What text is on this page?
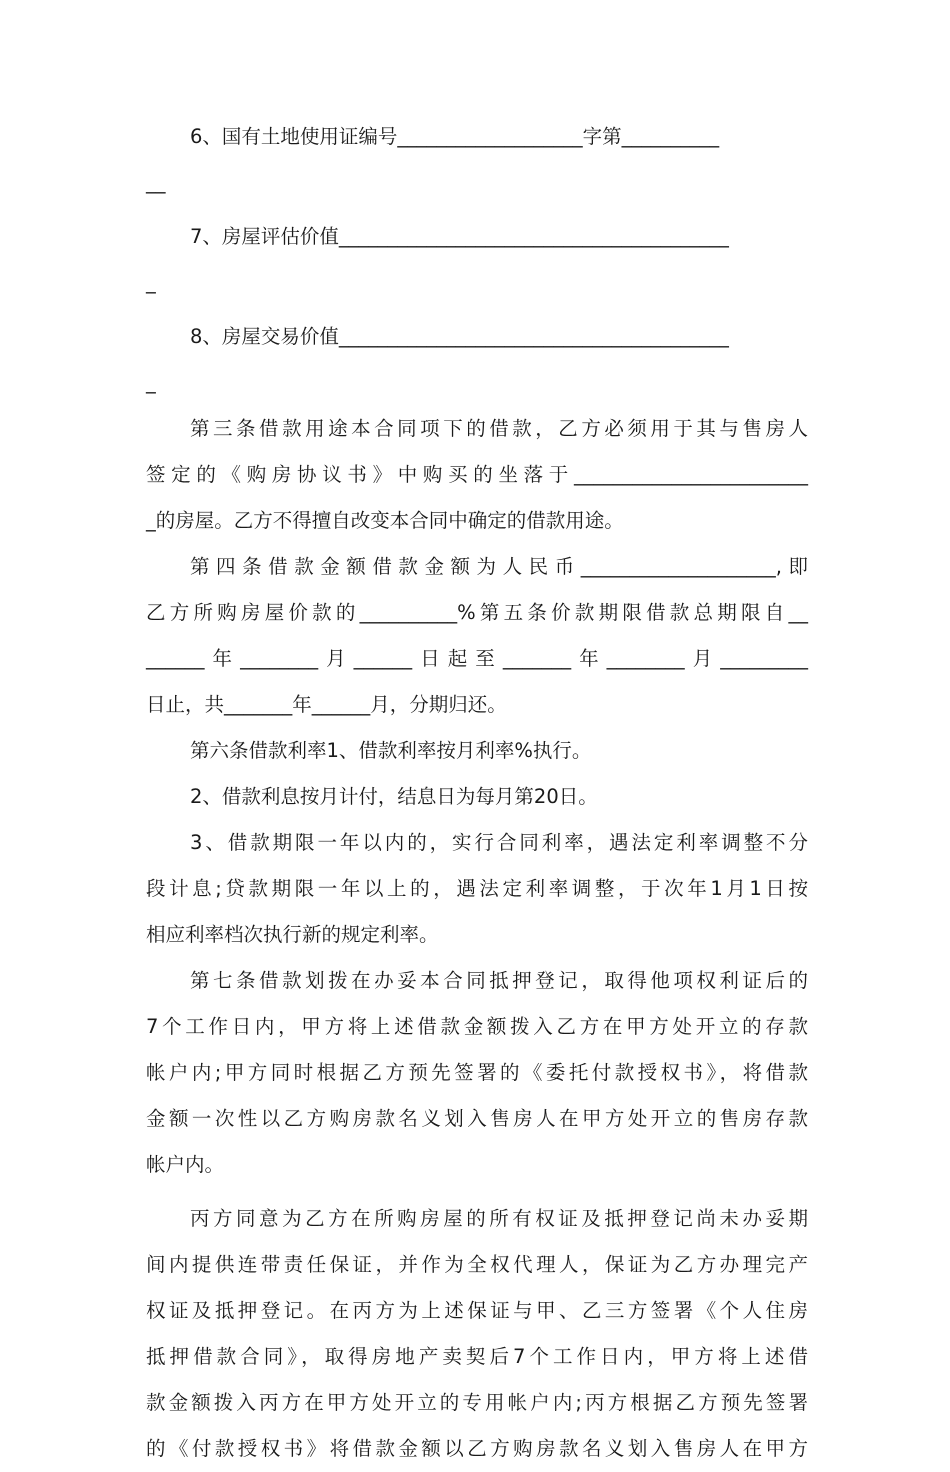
6、国有土地使用证编号___________________字第__________
__
7、房屋评估价值________________________________________
_
8、房屋交易价值________________________________________
_
第三条借款用途本合同项下的借款，乙方必须用于其与售房人
签定的《购房协议书》中购买的坐落于________________________
_的房屋。乙方不得擅自改变本合同中确定的借款用途。
第四条借款金额借款金额为人民币____________________,即
乙方所购房屋价款的__________%第五条价款期限借款总期限自__
______年________月______日起至_______年________月_________
日止，共_______年______月，分期归还。
第六条借款利率1、借款利率按月利率%执行。
2、借款利息按月计付，结息日为每月第20日。
3、借款期限一年以内的，实行合同利率，遇法定利率调整不分
段计息;贷款期限一年以上的，遇法定利率调整，于次年1月1日按
相应利率档次执行新的规定利率。
第七条借款划拨在办妥本合同抵押登记，取得他项权利证后的
7个工作日内，甲方将上述借款金额拨入乙方在甲方处开立的存款
帐户内;甲方同时根据乙方预先签署的《委托付款授权书》，将借款
金额一次性以乙方购房款名义划入售房人在甲方处开立的售房存款
帐户内。
丙方同意为乙方在所购房屋的所有权证及抵押登记尚未办妥期
间内提供连带责任保证，并作为全权代理人，保证为乙方办理完产
权证及抵押登记。在丙方为上述保证与甲、乙三方签署《个人住房
抵押借款合同》，取得房地产卖契后7个工作日内，甲方将上述借
款金额拨入丙方在甲方处开立的专用帐户内;丙方根据乙方预先签署
的《付款授权书》将借款金额以乙方购房款名义划入售房人在甲方
